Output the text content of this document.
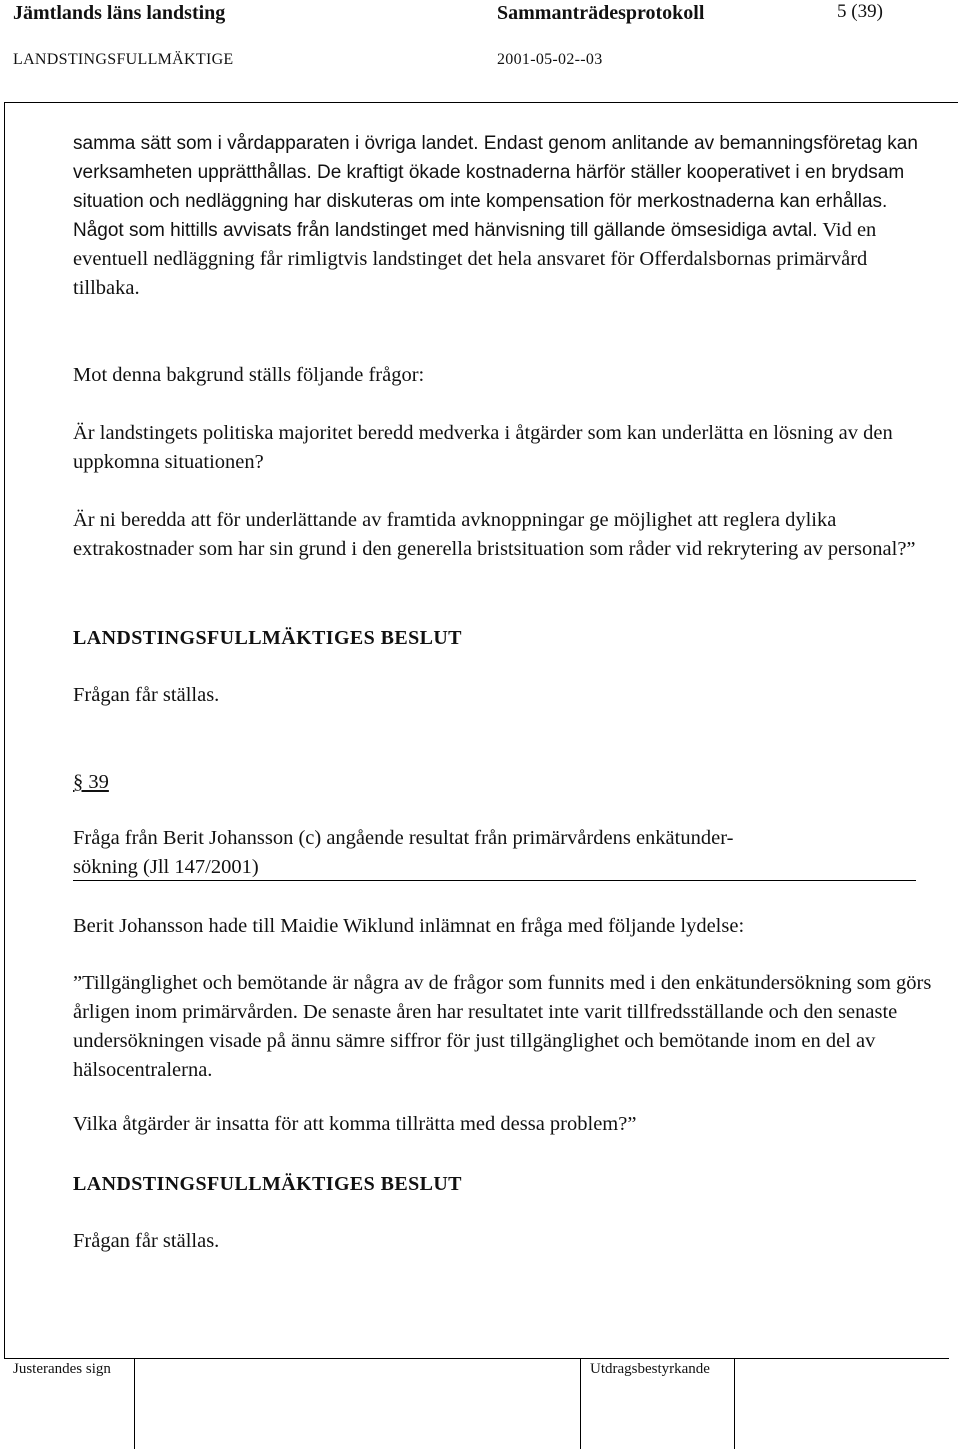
Jämtlands läns landsting	Sammanträdesprotokoll	5 (39)
LANDSTINGSFULLMÄKTIGE	2001-05-02--03

samma sätt som i vårdapparaten i övriga landet. Endast genom anlitande av bemanningsföretag kan verksamheten upprätthållas. De kraftigt ökade kostnaderna härför ställer kooperativet i en brydsam situation och nedläggning har diskuteras om inte kompensation för merkostnaderna kan erhållas. Något som hittills avvisats från landstinget med hänvisning till gällande ömsesidiga avtal. Vid en eventuell nedläggning får rimligtvis landstinget det hela ansvaret för Offerdalsbornas primärvård tillbaka.

Mot denna bakgrund ställs följande frågor:
Är landstingets politiska majoritet beredd medverka i åtgärder som kan underlätta en lösning av den uppkomna situationen?
Är ni beredda att för underlättande av framtida avknoppningar ge möjlighet att reglera dylika extrakostnader som har sin grund i den generella bristsituation som råder vid rekrytering av personal?”
LANDSTINGSFULLMÄKTIGES BESLUT
Frågan får ställas.
§ 39
Fråga från Berit Johansson (c) angående resultat från primärvårdens enkätunder-
sökning (Jll 147/2001)
Berit Johansson hade till Maidie Wiklund inlämnat en fråga med följande lydelse:
”Tillgänglighet och bemötande är några av de frågor som funnits med i den enkätundersökning som görs årligen inom primärvården. De senaste åren har resultatet inte varit tillfredsställande och den senaste undersökningen visade på ännu sämre siffror för just tillgänglighet och bemötande inom en del av hälsocentralerna.
Vilka åtgärder är insatta för att komma tillrätta med dessa problem?”
LANDSTINGSFULLMÄKTIGES BESLUT
Frågan får ställas.
Justerandes sign	Utdragsbestyrkande
